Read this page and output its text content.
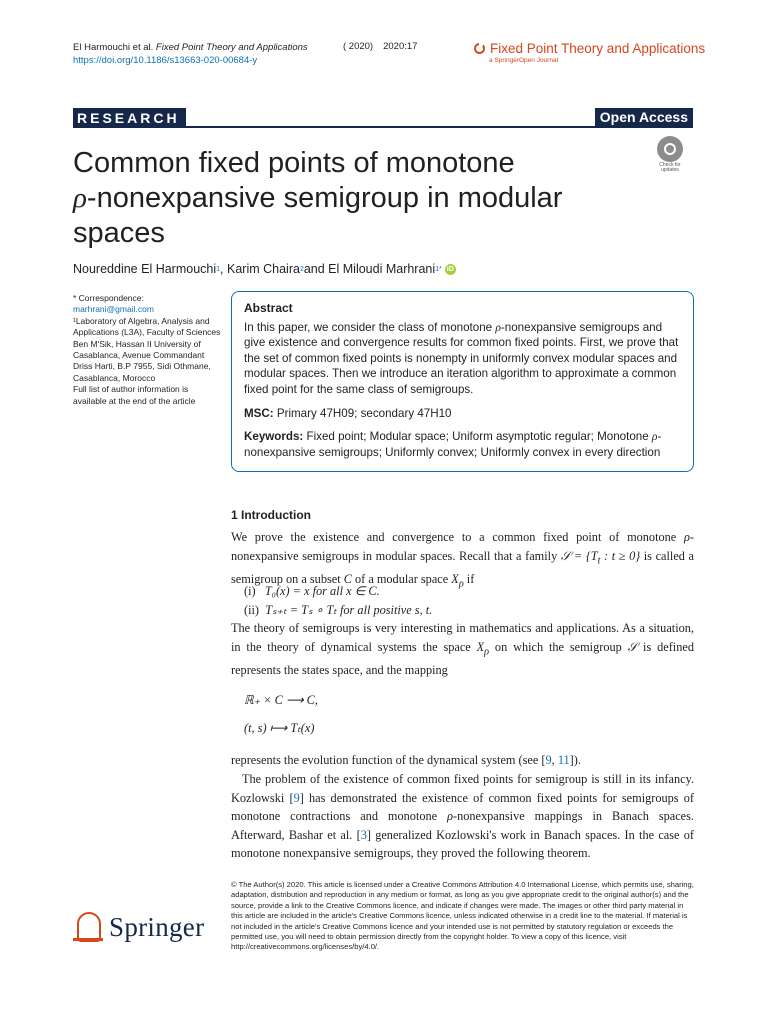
El Harmouchi et al. Fixed Point Theory and Applications
https://doi.org/10.1186/s13663-020-00684-y
( 2020) 2020:17	Fixed Point Theory and Applications
a SpringerOpen Journal
RESEARCH	Open Access
Common fixed points of monotone
ρ-nonexpansive semigroup in modular
spaces
Check for updates
Noureddine El Harmouchi 1 , Karim Chaira 2 and El Miloudi Marhrani 1* iD
* Correspondence:
marhrani@gmail.com
¹Laboratory of Algebra, Analysis and Applications (L3A), Faculty of Sciences Ben M'Sik, Hassan II University of Casablanca, Avenue Commandant Driss Harti, B.P 7955, Sidi Othmane, Casablanca, Morocco
Full list of author information is available at the end of the article
Abstract

In this paper, we consider the class of monotone ρ-nonexpansive semigroups and give existence and convergence results for common fixed points. First, we prove that the set of common fixed points is nonempty in uniformly convex modular spaces and modular spaces. Then we introduce an iteration algorithm to approximate a common fixed point for the same class of semigroups.

MSC: Primary 47H09; secondary 47H10

Keywords: Fixed point; Modular space; Uniform asymptotic regular; Monotone ρ-nonexpansive semigroups; Uniformly convex; Uniformly convex in every direction

1 Introduction
We prove the existence and convergence to a common fixed point of monotone ρ-nonexpansive semigroups in modular spaces. Recall that a family 𝒮 = {$T_t$ : t ≥ 0} is called a semigroup on a subset C of a modular space $X_\rho$ if
(i) T₀(x) = x for all x ∈ C.
(ii) Tₛ₊ₜ = Tₛ ∘ Tₜ for all positive s, t.
The theory of semigroups is very interesting in mathematics and applications. As a situation, in the theory of dynamical systems the space $X_\rho$ on which the semigroup 𝒮 is defined represents the states space, and the mapping
ℝ₊ × C ⟶ C,
(t, s) ⟼ Tₜ(x)
represents the evolution function of the dynamical system (see [9, 11]).
The problem of the existence of common fixed points for semigroup is still in its infancy. Kozlowski [9] has demonstrated the existence of common fixed points for semigroups of monotone contractions and monotone ρ-nonexpansive mappings in Banach spaces. Afterward, Bashar et al. [3] generalized Kozlowski's work in Banach spaces. In the case of monotone nonexpansive semigroups, they proved the following theorem.
© The Author(s) 2020. This article is licensed under a Creative Commons Attribution 4.0 International License, which permits use, sharing, adaptation, distribution and reproduction in any medium or format, as long as you give appropriate credit to the original author(s) and the source, provide a link to the Creative Commons licence, and indicate if changes were made. The images or other third party material in this article are included in the article's Creative Commons licence, unless indicated otherwise in a credit line to the material. If material is not included in the article's Creative Commons licence and your intended use is not permitted by statutory regulation or exceeds the permitted use, you will need to obtain permission directly from the copyright holder. To view a copy of this licence, visit http://creativecommons.org/licenses/by/4.0/.
Springer
